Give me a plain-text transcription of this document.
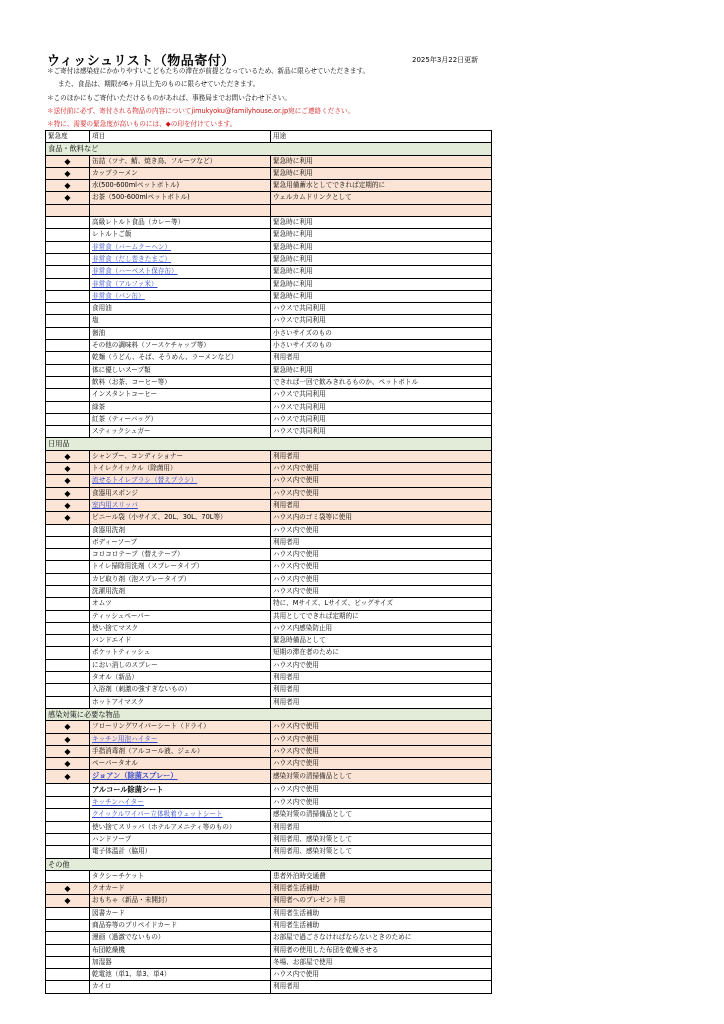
ウィッシュリスト（物品寄付）	2025年3月22日更新
＊ご寄付は感染症にかかりやすいこどもたちの滞在が前提となっているため、新品に限らせていただきます。
また、食品は、期限が6ヶ月以上先のものに限らせていただきます。
＊このほかにもご寄付いただけるものがあれば、事務局までお問い合わせ下さい。
＊送付前に必ず、寄付される物品の内容についてjimukyoku@familyhouse.or.jp宛にご連絡ください。
＊特に、需要の緊急度が高いものには、◆の印を付けています。
緊急度	項目	用途
食品・飲料など		
◆	缶詰（ツナ、鯖、焼き鳥、フルーツなど）	緊急時に利用
◆	カップラーメン	緊急時に利用
◆	水(500-600mlペットボトル)	緊急用備蓄水としてできれば定期的に
◆	お茶（500-600mlペットボトル)	ウェルカムドリンクとして

	高級レトルト食品（カレー等）	緊急時に利用
	レトルトご飯	緊急時に利用
	非常食（バームクーヘン）	緊急時に利用
	非常食（だし巻きたまご）	緊急時に利用
	非常食（ハーベスト保存缶）	緊急時に利用
	非常食（アルファ米）	緊急時に利用
	非常食（パン缶）	緊急時に利用
	食用油	ハウスで共同利用
	塩	ハウスで共同利用
	醤油	小さいサイズのもの
	その他の調味料（ソースケチャップ等）	小さいサイズのもの
	乾麺（うどん、そば、そうめん、ラーメンなど）	利用者用
	体に優しいスープ類	緊急時に利用
	飲料（お茶、コーヒー等）	できれば一回で飲みきれるものか、ペットボトル
	インスタントコーヒー	ハウスで共同利用
	緑茶	ハウスで共同利用
	紅茶（ティーバッグ）	ハウスで共同利用
	スティックシュガー	ハウスで共同利用
日用品		
◆	シャンプー、コンディショナー	利用者用
◆	トイレクイックル（除菌用）	ハウス内で使用
◆	流せるトイレブラシ（替えブラシ）	ハウス内で使用
◆	食器用スポンジ	ハウス内で使用
◆	室内用スリッパ	利用者用
◆	ビニール袋（小サイズ、20L、30L、70L等）	ハウス内のゴミ袋等に使用
	食器用洗剤	ハウス内で使用
	ボディーソープ	利用者用
	コロコロテープ（替えテープ）	ハウス内で使用
	トイレ掃除用洗剤（スプレータイプ）	ハウス内で使用
	カビ取り剤（泡スプレータイプ）	ハウス内で使用
	洗濯用洗剤	ハウス内で使用
	オムツ	特に、Mサイズ、Lサイズ、ビッグサイズ
	ティッシュペーパー	共用としてできれば定期的に
	使い捨てマスク	ハウス内感染防止用
	バンドエイド	緊急時備品として
	ポケットティッシュ	短期の滞在者のために
	におい消しのスプレー	ハウス内で使用
	タオル（新品）	利用者用
	入浴剤（刺激の強すぎないもの）	利用者用
	ホットアイマスク	利用者用
感染対策に必要な物品		
◆	フローリングワイパーシート（ドライ）	ハウス内で使用
◆	キッチン用泡ハイター	ハウス内で使用
◆	手指消毒剤（アルコール液、ジェル）	ハウス内で使用
◆	ペーパータオル	ハウス内で使用
◆	ジョアン（除菌スプレー）	感染対策の清掃備品として
	アルコール除菌シート	ハウス内で使用
	キッチンハイター	ハウス内で使用
	クイックルワイパー立体吸着ウェットシート	感染対策の清掃備品として
	使い捨てスリッパ（ホテルアメニティ等のもの）	利用者用
	ハンドソープ	利用者用、感染対策として
	電子体温計（脇用）	利用者用、感染対策として
その他		
	タクシーチケット	患者外泊時交通費
◆	クオカード	利用者生活補助
◆	おもちゃ（新品・未開封）	利用者へのプレゼント用
	図書カード	利用者生活補助
	商品券等のプリペイドカード	利用者生活補助
	漫画（過激でないもの）	お部屋で過ごさなければならないときのために
	布団乾燥機	利用者の使用した布団を乾燥させる
	加湿器	冬場、お部屋で使用
	乾電池（単1、単3、単4）	ハウス内で使用
	カイロ	利用者用
